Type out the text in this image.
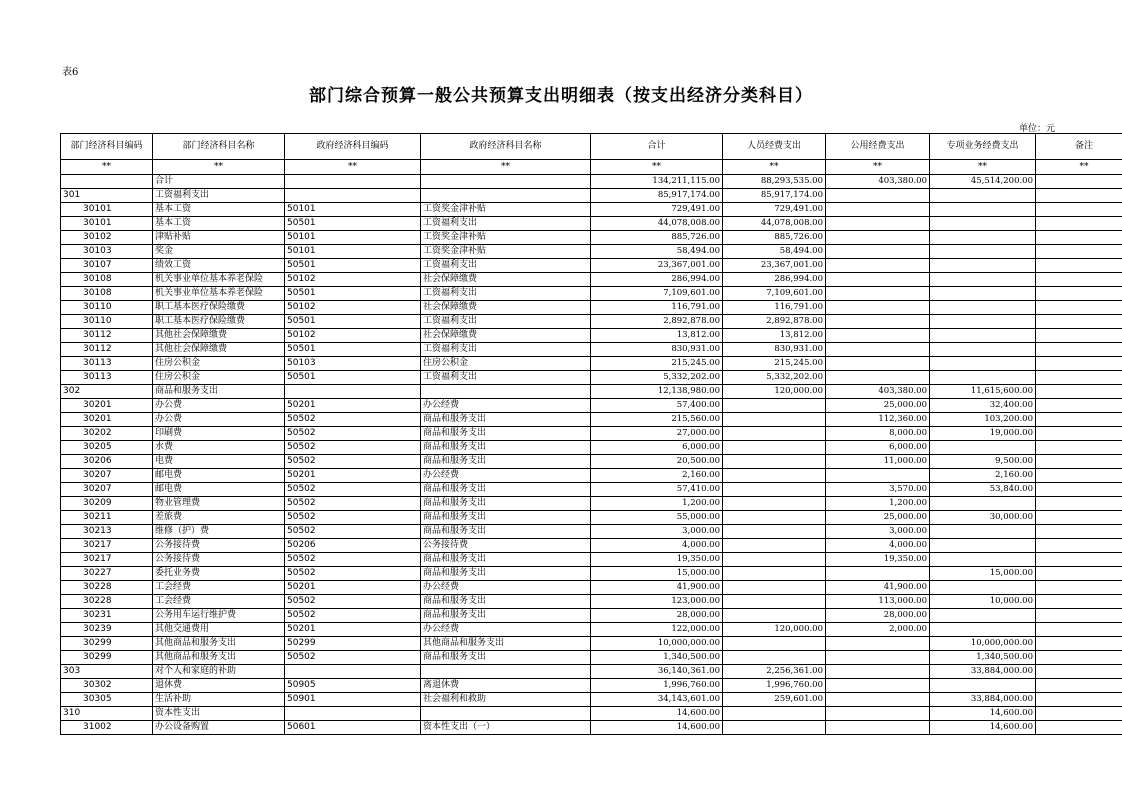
表6
部门综合预算一般公共预算支出明细表（按支出经济分类科目）
单位：元
部门经济科目编码	部门经济科目名称	政府经济科目编码	政府经济科目名称	合计	人员经费支出	公用经费支出	专项业务经费支出	备注
**	**	**	**	**	**	**	**	**
	合计			134,211,115.00	88,293,535.00	403,380.00	45,514,200.00	
301	工资福利支出			85,917,174.00	85,917,174.00			
30101	基本工资	50101	工资奖金津补贴	729,491.00	729,491.00			
30101	基本工资	50501	工资福利支出	44,078,008.00	44,078,008.00			
30102	津贴补贴	50101	工资奖金津补贴	885,726.00	885,726.00			
30103	奖金	50101	工资奖金津补贴	58,494.00	58,494.00			
30107	绩效工资	50501	工资福利支出	23,367,001.00	23,367,001.00			
30108	机关事业单位基本养老保险	50102	社会保障缴费	286,994.00	286,994.00			
30108	机关事业单位基本养老保险	50501	工资福利支出	7,109,601.00	7,109,601.00			
30110	职工基本医疗保险缴费	50102	社会保障缴费	116,791.00	116,791.00			
30110	职工基本医疗保险缴费	50501	工资福利支出	2,892,878.00	2,892,878.00			
30112	其他社会保障缴费	50102	社会保障缴费	13,812.00	13,812.00			
30112	其他社会保障缴费	50501	工资福利支出	830,931.00	830,931.00			
30113	住房公积金	50103	住房公积金	215,245.00	215,245.00			
30113	住房公积金	50501	工资福利支出	5,332,202.00	5,332,202.00			
302	商品和服务支出			12,138,980.00	120,000.00	403,380.00	11,615,600.00	
30201	办公费	50201	办公经费	57,400.00		25,000.00	32,400.00	
30201	办公费	50502	商品和服务支出	215,560.00		112,360.00	103,200.00	
30202	印刷费	50502	商品和服务支出	27,000.00		8,000.00	19,000.00	
30205	水费	50502	商品和服务支出	6,000.00		6,000.00		
30206	电费	50502	商品和服务支出	20,500.00		11,000.00	9,500.00	
30207	邮电费	50201	办公经费	2,160.00			2,160.00	
30207	邮电费	50502	商品和服务支出	57,410.00		3,570.00	53,840.00	
30209	物业管理费	50502	商品和服务支出	1,200.00		1,200.00		
30211	差旅费	50502	商品和服务支出	55,000.00		25,000.00	30,000.00	
30213	维修（护）费	50502	商品和服务支出	3,000.00		3,000.00		
30217	公务接待费	50206	公务接待费	4,000.00		4,000.00		
30217	公务接待费	50502	商品和服务支出	19,350.00		19,350.00		
30227	委托业务费	50502	商品和服务支出	15,000.00			15,000.00	
30228	工会经费	50201	办公经费	41,900.00		41,900.00		
30228	工会经费	50502	商品和服务支出	123,000.00		113,000.00	10,000.00	
30231	公务用车运行维护费	50502	商品和服务支出	28,000.00		28,000.00		
30239	其他交通费用	50201	办公经费	122,000.00	120,000.00	2,000.00		
30299	其他商品和服务支出	50299	其他商品和服务支出	10,000,000.00			10,000,000.00	
30299	其他商品和服务支出	50502	商品和服务支出	1,340,500.00			1,340,500.00	
303	对个人和家庭的补助			36,140,361.00	2,256,361.00		33,884,000.00	
30302	退休费	50905	离退休费	1,996,760.00	1,996,760.00			
30305	生活补助	50901	社会福利和救助	34,143,601.00	259,601.00		33,884,000.00	
310	资本性支出			14,600.00			14,600.00	
31002	办公设备购置	50601	资本性支出（一）	14,600.00			14,600.00	
